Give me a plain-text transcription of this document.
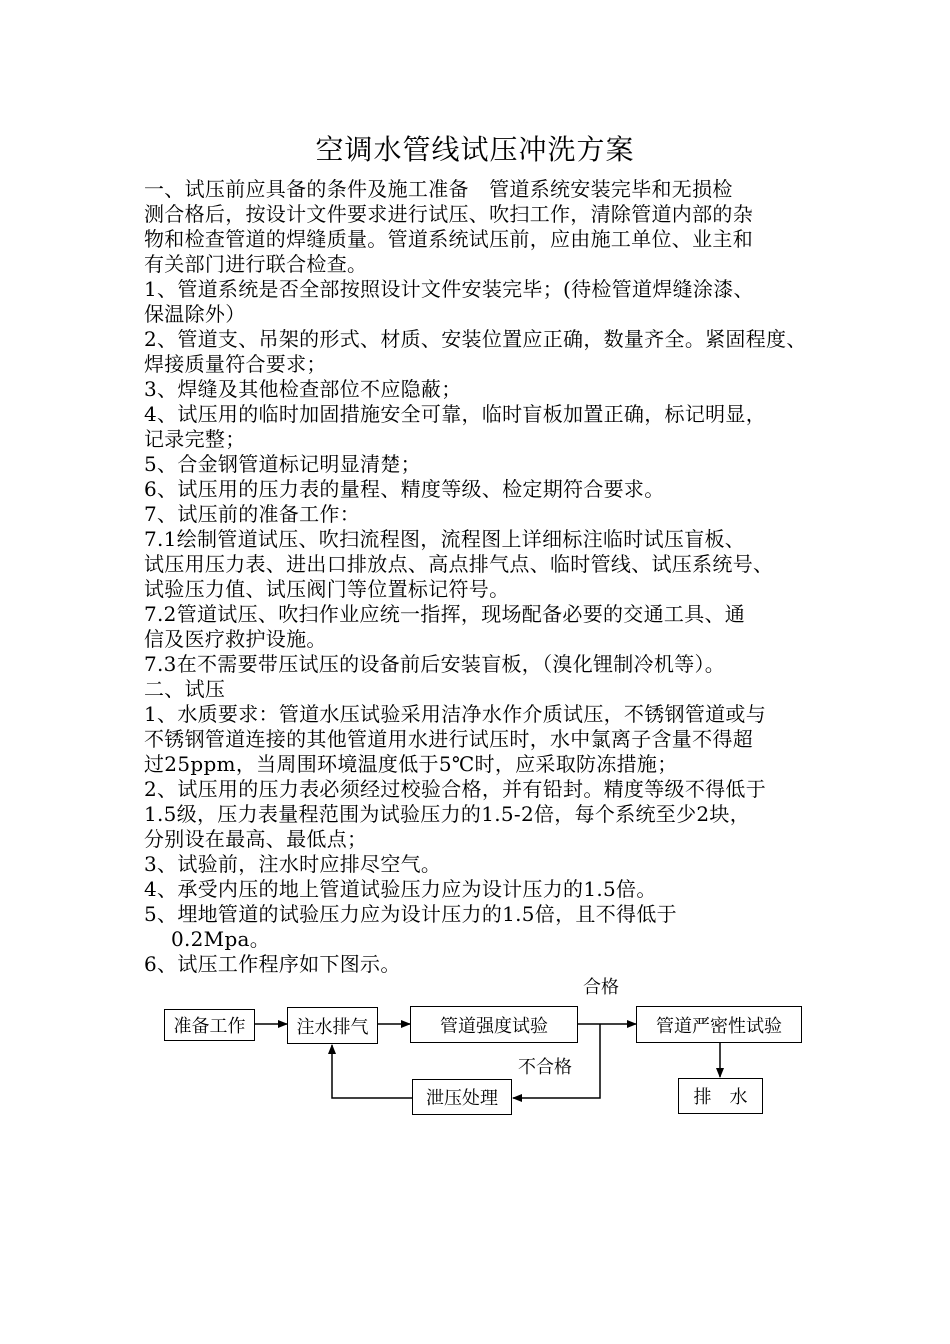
空调水管线试压冲洗方案
一、试压前应具备的条件及施工准备　管道系统安装完毕和无损检
测合格后，按设计文件要求进行试压、吹扫工作，清除管道内部的杂
物和检查管道的焊缝质量。管道系统试压前，应由施工单位、业主和
有关部门进行联合检查。
1、管道系统是否全部按照设计文件安装完毕；(待检管道焊缝涂漆、
保温除外）
2、管道支、吊架的形式、材质、安装位置应正确，数量齐全。紧固程度、
焊接质量符合要求；
3、焊缝及其他检查部位不应隐蔽；
4、试压用的临时加固措施安全可靠，临时盲板加置正确，标记明显，
记录完整；
5、合金钢管道标记明显清楚；
6、试压用的压力表的量程、精度等级、检定期符合要求。
7、试压前的准备工作：
7.1绘制管道试压、吹扫流程图，流程图上详细标注临时试压盲板、
试压用压力表、进出口排放点、高点排气点、临时管线、试压系统号、
试验压力值、试压阀门等位置标记符号。
7.2管道试压、吹扫作业应统一指挥，现场配备必要的交通工具、通
信及医疗救护设施。
7.3在不需要带压试压的设备前后安装盲板，（溴化锂制冷机等）。
二、试压
1、水质要求：管道水压试验采用洁净水作介质试压，不锈钢管道或与
不锈钢管道连接的其他管道用水进行试压时，水中氯离子含量不得超
过25ppm，当周围环境温度低于5℃时，应采取防冻措施；
2、试压用的压力表必须经过校验合格，并有铅封。精度等级不得低于
1.5级，压力表量程范围为试验压力的1.5-2倍，每个系统至少2块，
分别设在最高、最低点；
3、试验前，注水时应排尽空气。
4、承受内压的地上管道试验压力应为设计压力的1.5倍。
5、埋地管道的试验压力应为设计压力的1.5倍，且不得低于
　 0.2Mpa。
6、试压工作程序如下图示。
合格
不合格
准备工作	注水排气	管道强度试验	管道严密性试验
排　水
泄压处理
